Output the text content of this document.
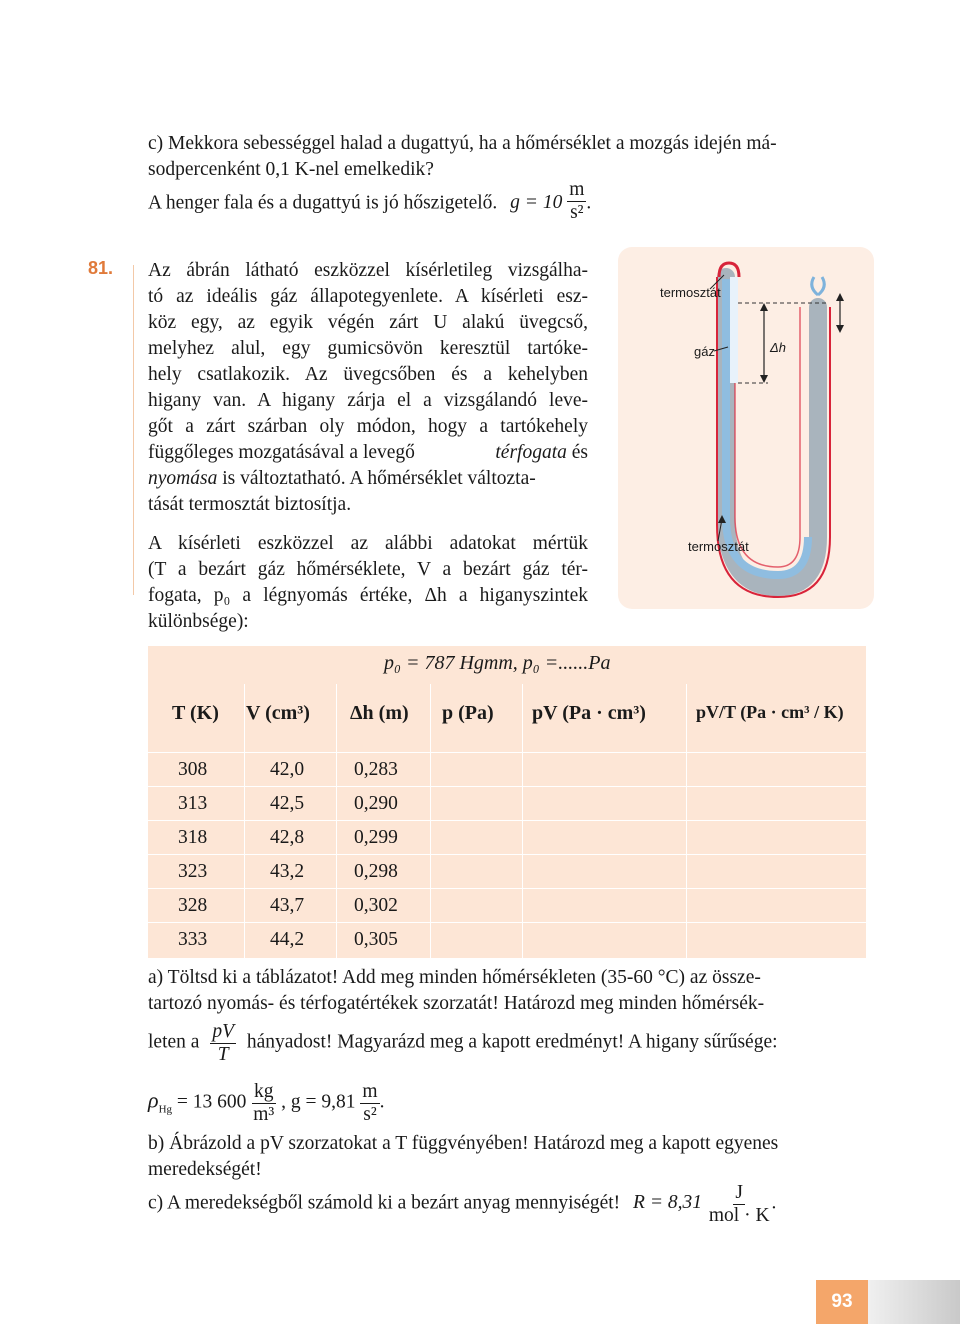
c) Mekkora sebességgel halad a dugattyú, ha a hőmérséklet a mozgás idején má-
sodpercenként 0,1 K-nel emelkedik?
A henger fala és a dugattyú is jó hőszigetelő. $g = 10 \frac{m}{\text{s²}}$ .
81. Az ábrán látható eszközzel kísérletileg vizsgálha-
tó az ideális gáz állapotegyenlete. A kísérleti esz-
köz egy, az egyik végén zárt U alakú üvegcső,
melyhez alul, egy gumicsövön keresztül tartóke-
hely csatlakozik. Az üvegcsőben és a kehelyben
higany van. A higany zárja el a vizsgálandó leve-
gőt a zárt szárban oly módon, hogy a tartókehely
függőleges mozgatásával a levegő	térfogata és
nyomása is változtatható. A hőmérséklet változta-
tását termosztát biztosítja.
A kísérleti eszközzel az alábbi adatokat mértük
(T a bezárt gáz hőmérséklete, V a bezárt gáz tér-
fogata, p₀ a légnyomás értéke, Δh a higanyszintek
különbsége):
termosztát
gáz	Δh
termosztát
p₀ = 787 Hgmm, p₀ =......Pa
T (K) V (cm³) Δh (m) p (Pa) pV (Pa · cm³)	pV/T (Pa · cm³ / K)
308	42,0	0,283
313	42,5	0,290
318	42,8	0,299
323	43,2	0,298
328	43,7	0,302
333	44,2	0,305
a) Töltsd ki a táblázatot! Add meg minden hőmérsékleten (35-60 °C) az össze-
tartozó nyomás- és térfogatértékek szorzatát! Határozd meg minden hőmérsék-
leten a $\frac{pV}{T}$ hányadost! Magyarázd meg a kapott eredményt! A higany sűrűsége:
$\rho_{Hg} = 13$ $600 \frac{kg}{\text{m³}}$ , $g = 9,81 \frac{m}{\text{s²}}$ .
b) Ábrázold a pV szorzatokat a T függvényében! Határozd meg a kapott egyenes
meredekségét!
c) A meredekségből számold ki a bezárt anyag mennyiségét! $R = 8,31 \frac{J}{\text{mol · K}}$ .
93
